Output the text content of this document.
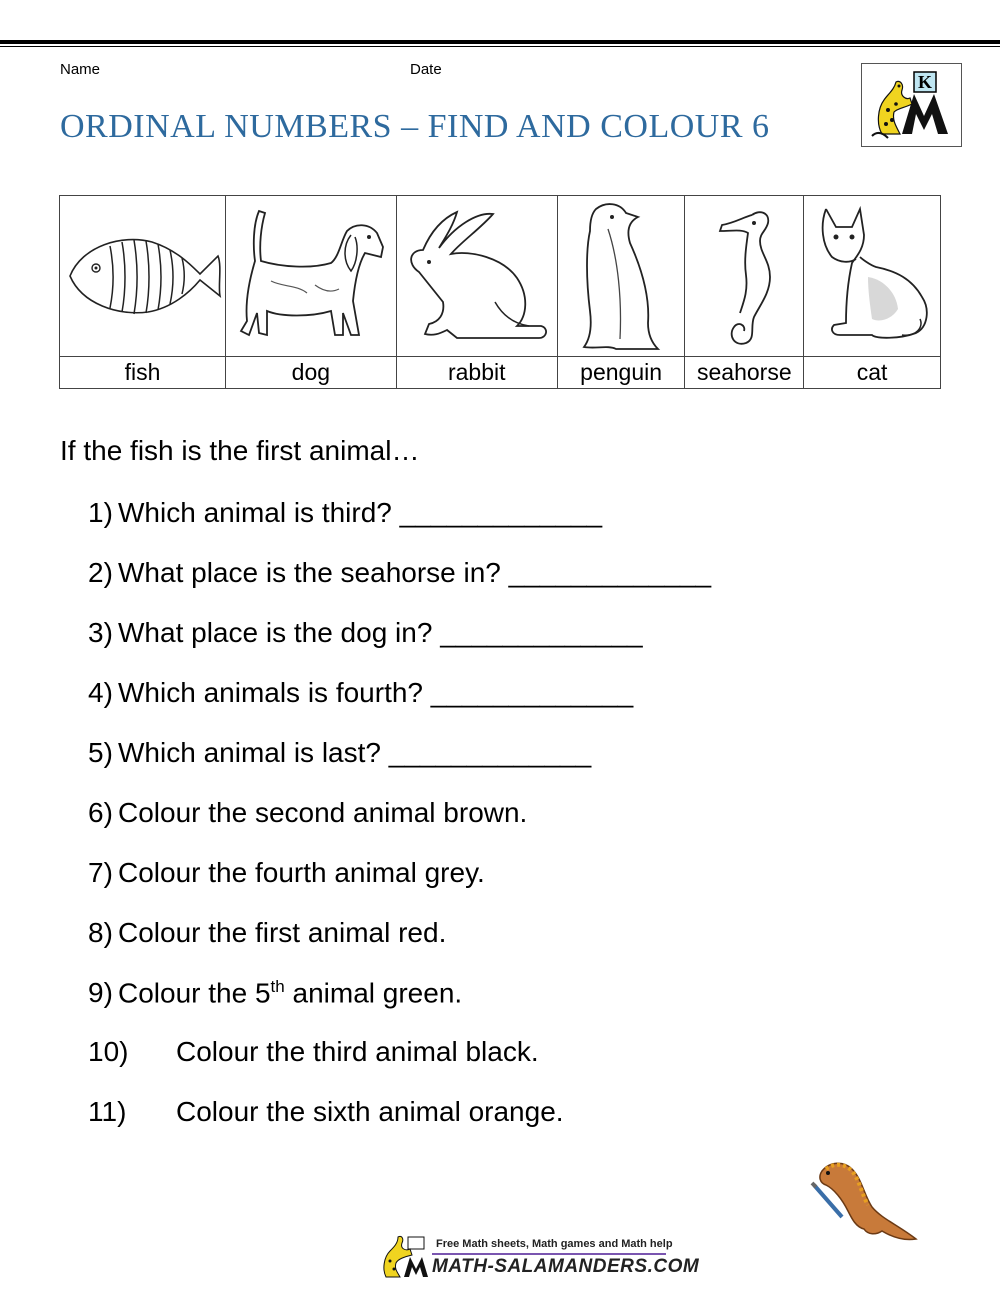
Name	Date
ORDINAL NUMBERS – FIND AND COLOUR 6
K

fish	dog	rabbit	penguin	seahorse	cat
If the fish is the first animal…
1) Which animal is third? _____________
2) What place is the seahorse in? _____________
3) What place is the dog in? _____________
4) Which animals is fourth? _____________
5) Which animal is last? _____________
6) Colour the second animal brown.
7) Colour the fourth animal grey.
8) Colour the first animal red.
9) Colour the 5th animal green.
10) Colour the third animal black.
11) Colour the sixth animal orange.
Free Math sheets, Math games and Math help
MATH-SALAMANDERS.COM
